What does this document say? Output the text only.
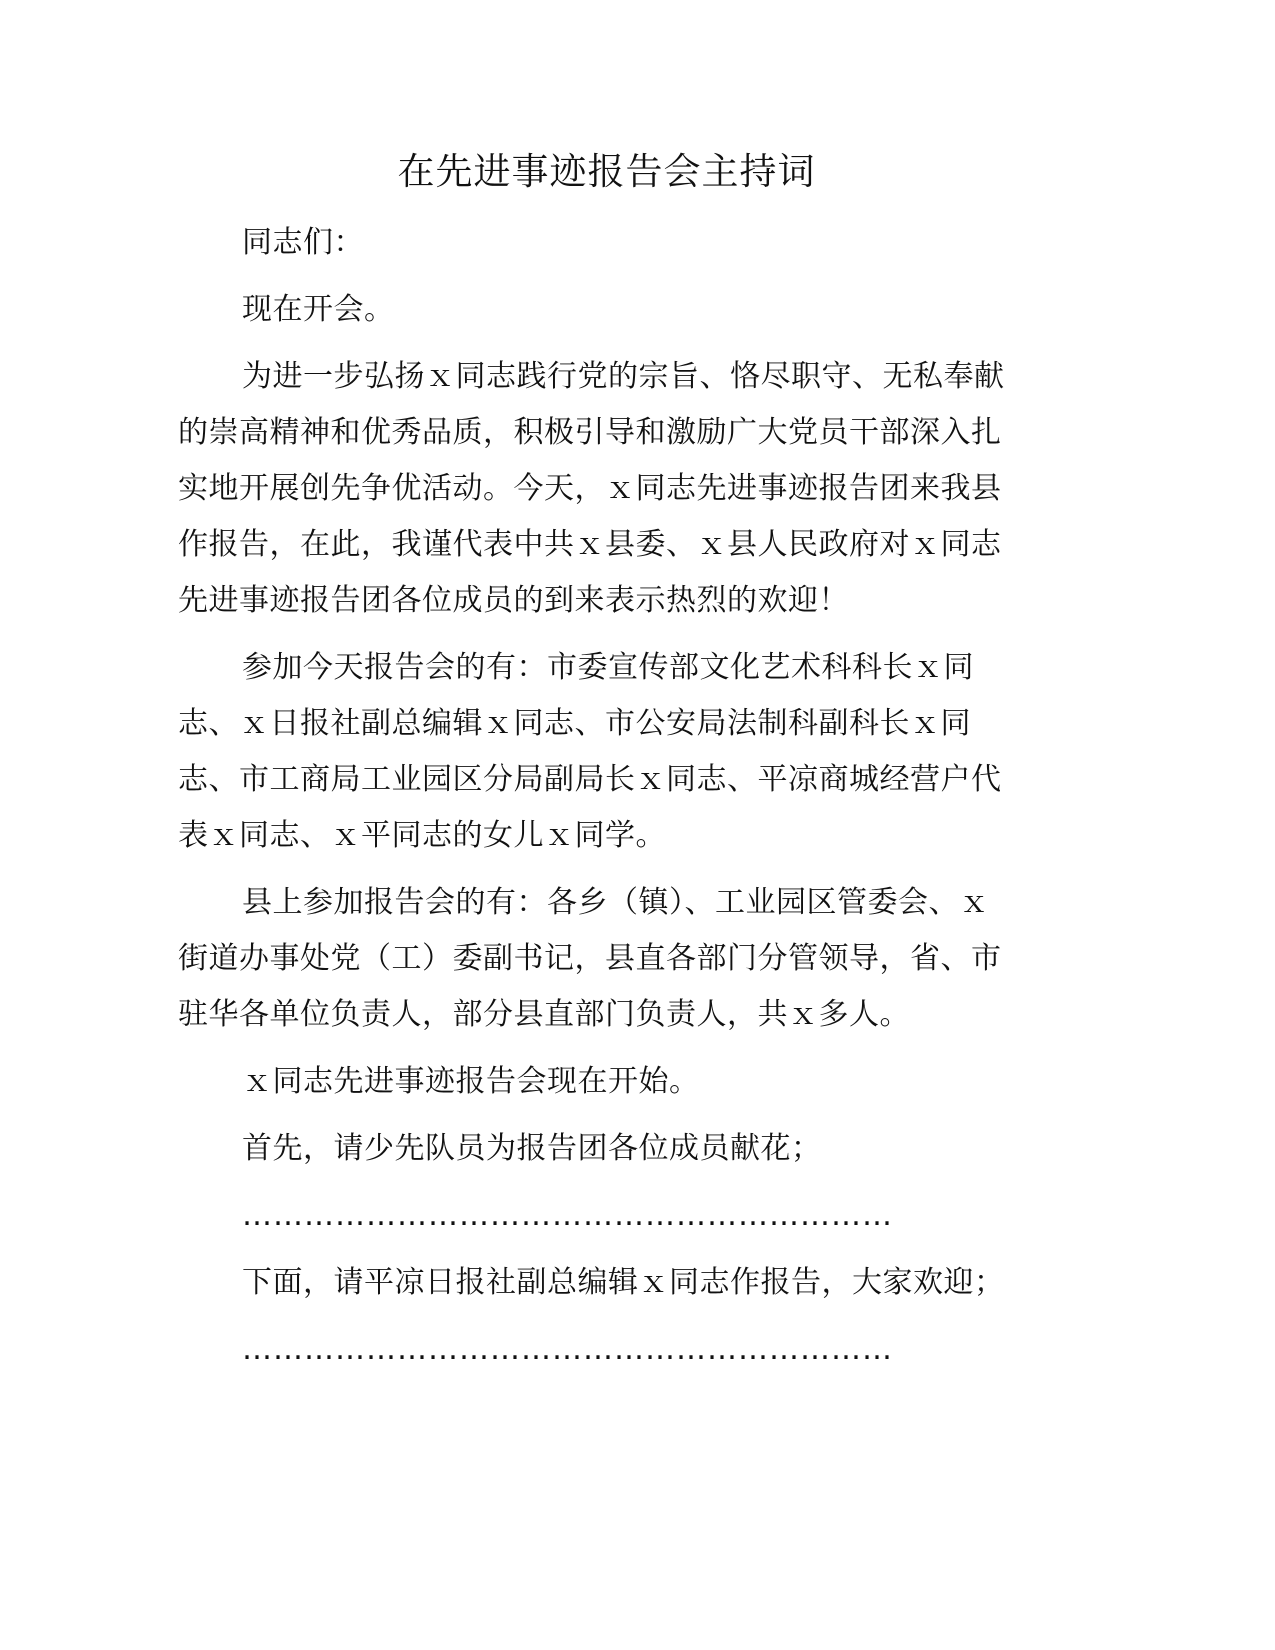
在先进事迹报告会主持词
同志们：
现在开会。
为进一步弘扬ｘ同志践行党的宗旨、恪尽职守、无私奉献
的崇高精神和优秀品质，积极引导和激励广大党员干部深入扎
实地开展创先争优活动。今天，ｘ同志先进事迹报告团来我县
作报告，在此，我谨代表中共ｘ县委、ｘ县人民政府对ｘ同志
先进事迹报告团各位成员的到来表示热烈的欢迎！
参加今天报告会的有：市委宣传部文化艺术科科长ｘ同
志、ｘ日报社副总编辑ｘ同志、市公安局法制科副科长ｘ同
志、市工商局工业园区分局副局长ｘ同志、平凉商城经营户代
表ｘ同志、ｘ平同志的女儿ｘ同学。
县上参加报告会的有：各乡（镇）、工业园区管委会、ｘ
街道办事处党（工）委副书记，县直各部门分管领导，省、市
驻华各单位负责人，部分县直部门负责人，共ｘ多人。
ｘ同志先进事迹报告会现在开始。
首先，请少先队员为报告团各位成员献花；
………………………………………………………
下面，请平凉日报社副总编辑ｘ同志作报告，大家欢迎；
………………………………………………………
